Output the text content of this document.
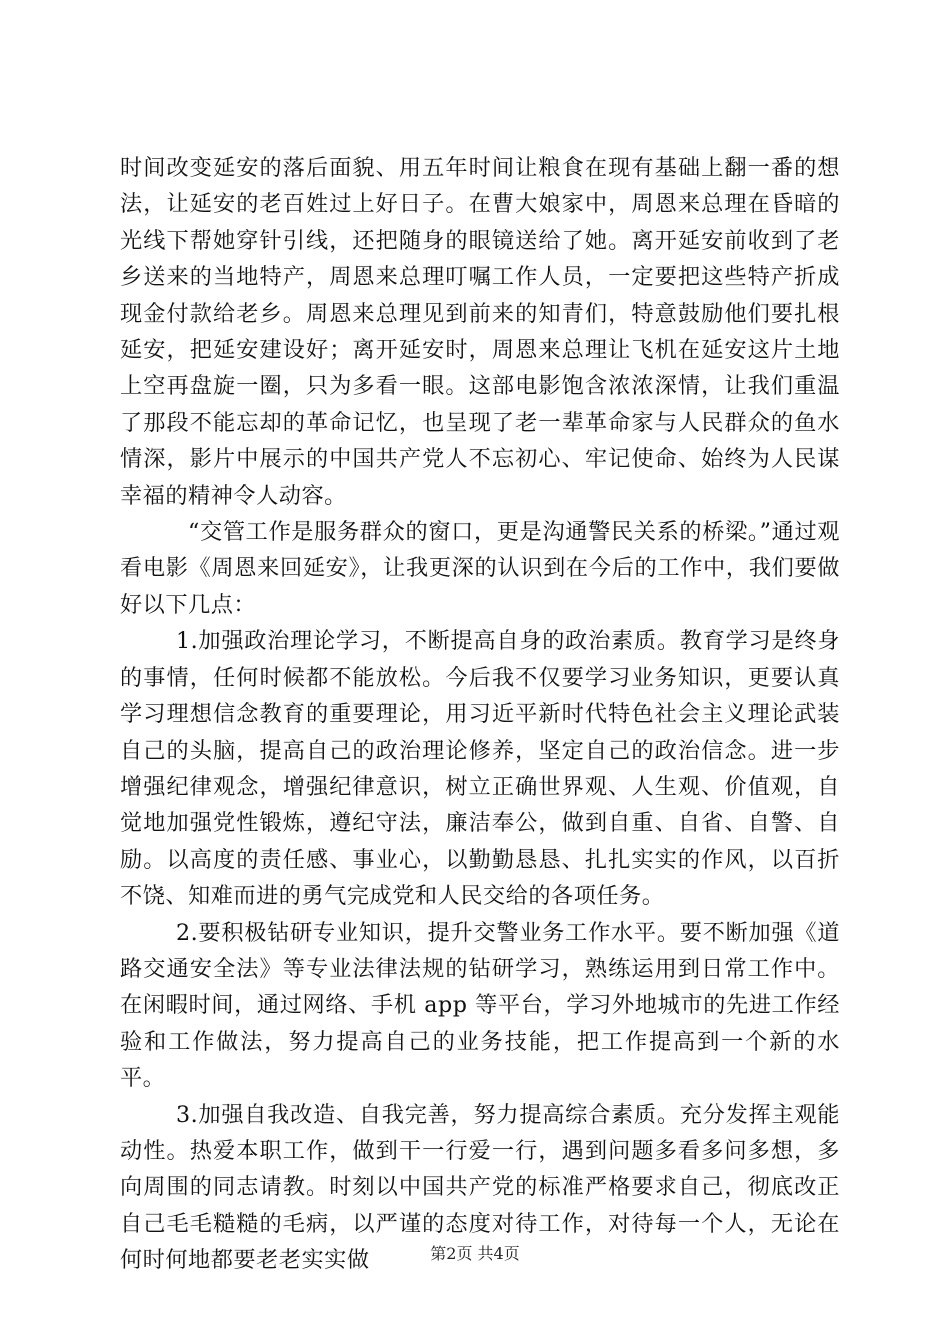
时间改变延安的落后面貌、用五年时间让粮食在现有基础上翻一番的想法，让延安的老百姓过上好日子。在曹大娘家中，周恩来总理在昏暗的光线下帮她穿针引线，还把随身的眼镜送给了她。离开延安前收到了老乡送来的当地特产，周恩来总理叮嘱工作人员，一定要把这些特产折成现金付款给老乡。周恩来总理见到前来的知青们，特意鼓励他们要扎根延安，把延安建设好；离开延安时，周恩来总理让飞机在延安这片土地上空再盘旋一圈，只为多看一眼。这部电影饱含浓浓深情，让我们重温了那段不能忘却的革命记忆，也呈现了老一辈革命家与人民群众的鱼水情深，影片中展示的中国共产党人不忘初心、牢记使命、始终为人民谋幸福的精神令人动容。

“交管工作是服务群众的窗口，更是沟通警民关系的桥梁。”通过观看电影《周恩来回延安》，让我更深的认识到在今后的工作中，我们要做好以下几点：

1.加强政治理论学习，不断提高自身的政治素质。教育学习是终身的事情，任何时候都不能放松。今后我不仅要学习业务知识，更要认真学习理想信念教育的重要理论，用习近平新时代特色社会主义理论武装自己的头脑，提高自己的政治理论修养，坚定自己的政治信念。进一步增强纪律观念，增强纪律意识，树立正确世界观、人生观、价值观，自觉地加强党性锻炼，遵纪守法，廉洁奉公，做到自重、自省、自警、自励。以高度的责任感、事业心，以勤勤恳恳、扎扎实实的作风，以百折不饶、知难而进的勇气完成党和人民交给的各项任务。

2.要积极钻研专业知识，提升交警业务工作水平。要不断加强《道路交通安全法》等专业法律法规的钻研学习，熟练运用到日常工作中。在闲暇时间，通过网络、手机 app 等平台，学习外地城市的先进工作经验和工作做法，努力提高自己的业务技能，把工作提高到一个新的水平。

3.加强自我改造、自我完善，努力提高综合素质。充分发挥主观能动性。热爱本职工作，做到干一行爱一行，遇到问题多看多问多想，多向周围的同志请教。时刻以中国共产党的标准严格要求自己，彻底改正自己毛毛糙糙的毛病，以严谨的态度对待工作，对待每一个人，无论在何时何地都要老老实实做	第2页 共4页
